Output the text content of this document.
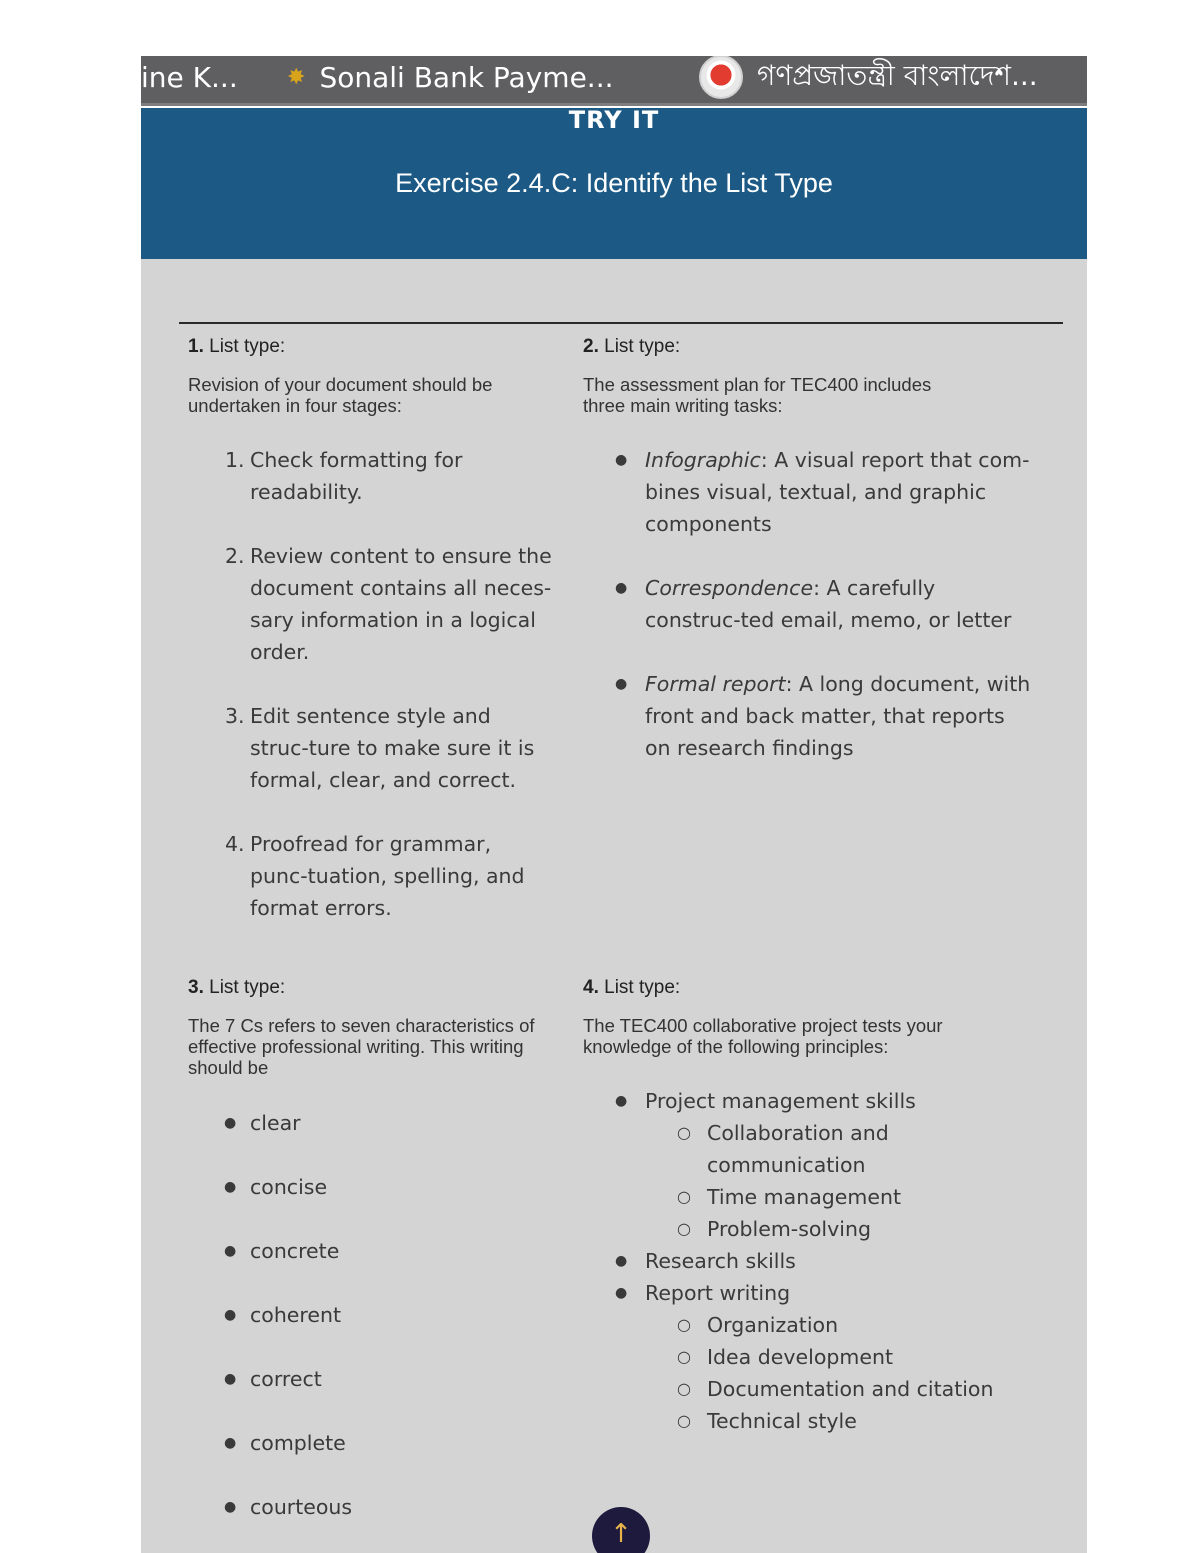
ine K... ✸ Sonali Bank Payme...	গণপ্রজাতন্ত্রী বাংলাদেশ...
TRY IT
Exercise 2.4.C: Identify the List Type
1. List type:
Revision of your document should be undertaken in four stages:
1. Check formatting for readability.
2. Review content to ensure the document contains all neces-sary information in a logical order.
3. Edit sentence style and struc-ture to make sure it is formal, clear, and correct.
4. Proofread for grammar, punc-tuation, spelling, and format errors.
2. List type:
The assessment plan for TEC400 includes three main writing tasks:
● Infographic: A visual report that com-bines visual, textual, and graphic components
● Correspondence: A carefully construc-ted email, memo, or letter
● Formal report: A long document, with front and back matter, that reports on research findings
3. List type:
The 7 Cs refers to seven characteristics of effective professional writing. This writing should be
● clear
● concise
● concrete
● coherent
● correct
● complete
● courteous
4. List type:
The TEC400 collaborative project tests your knowledge of the following principles:
● Project management skills
○ Collaboration and communication
○ Time management
○ Problem-solving
● Research skills
● Report writing
○ Organization
○ Idea development
○ Documentation and citation
○ Technical style
↑
